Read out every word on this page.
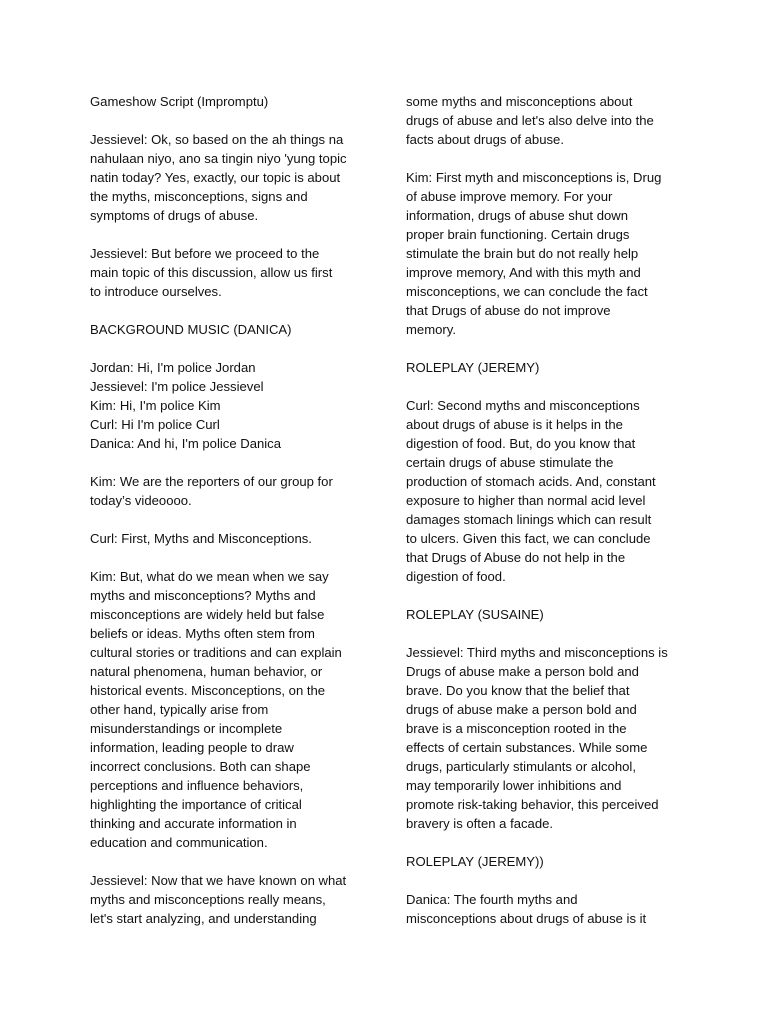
Gameshow Script (Impromptu)
Jessievel: Ok, so based on the ah things na
nahulaan niyo, ano sa tingin niyo 'yung topic
natin today? Yes, exactly, our topic is about
the myths, misconceptions, signs and
symptoms of drugs of abuse.
Jessievel: But before we proceed to the
main topic of this discussion, allow us first
to introduce ourselves.
BACKGROUND MUSIC (DANICA)
Jordan: Hi, I'm police Jordan
Jessievel: I'm police Jessievel
Kim: Hi, I'm police Kim
Curl: Hi I'm police Curl
Danica: And hi, I'm police Danica
Kim: We are the reporters of our group for
today’s videoooo.
Curl: First, Myths and Misconceptions.
Kim: But, what do we mean when we say
myths and misconceptions? Myths and
misconceptions are widely held but false
beliefs or ideas. Myths often stem from
cultural stories or traditions and can explain
natural phenomena, human behavior, or
historical events. Misconceptions, on the
other hand, typically arise from
misunderstandings or incomplete
information, leading people to draw
incorrect conclusions. Both can shape
perceptions and influence behaviors,
highlighting the importance of critical
thinking and accurate information in
education and communication.
Jessievel: Now that we have known on what
myths and misconceptions really means,
let's start analyzing, and understanding
some myths and misconceptions about
drugs of abuse and let's also delve into the
facts about drugs of abuse.
Kim: First myth and misconceptions is, Drug
of abuse improve memory. For your
information, drugs of abuse shut down
proper brain functioning. Certain drugs
stimulate the brain but do not really help
improve memory, And with this myth and
misconceptions, we can conclude the fact
that Drugs of abuse do not improve
memory.
ROLEPLAY (JEREMY)
Curl: Second myths and misconceptions
about drugs of abuse is it helps in the
digestion of food. But, do you know that
certain drugs of abuse stimulate the
production of stomach acids. And, constant
exposure to higher than normal acid level
damages stomach linings which can result
to ulcers. Given this fact, we can conclude
that Drugs of Abuse do not help in the
digestion of food.
ROLEPLAY (SUSAINE)
Jessievel: Third myths and misconceptions is
Drugs of abuse make a person bold and
brave. Do you know that the belief that
drugs of abuse make a person bold and
brave is a misconception rooted in the
effects of certain substances. While some
drugs, particularly stimulants or alcohol,
may temporarily lower inhibitions and
promote risk-taking behavior, this perceived
bravery is often a facade.
ROLEPLAY (JEREMY))
Danica: The fourth myths and
misconceptions about drugs of abuse is it
